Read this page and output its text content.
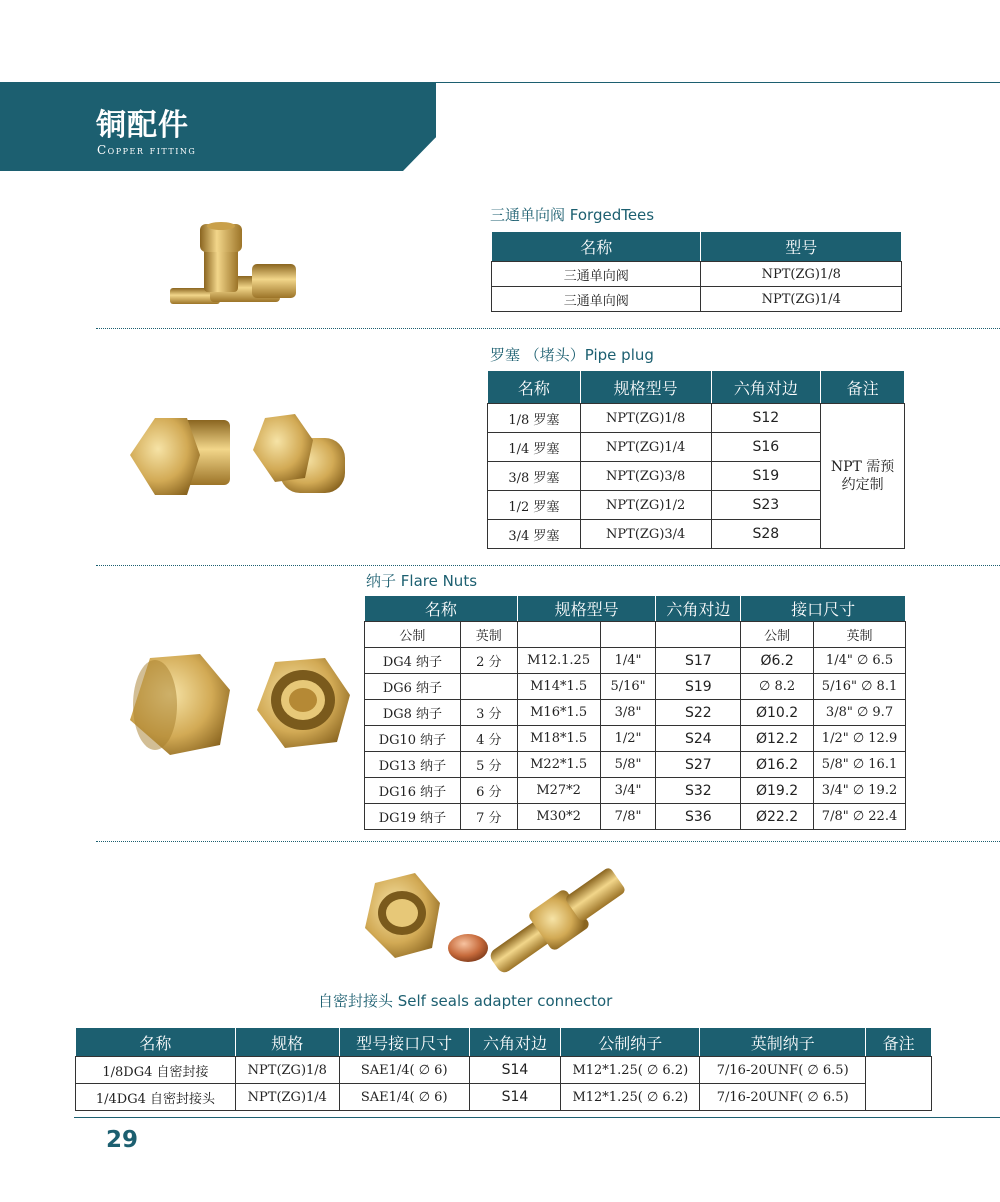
铜配件
Copper fitting
三通单向阀 ForgedTees
名称	型号
三通单向阀	NPT(ZG)1/8
三通单向阀	NPT(ZG)1/4
罗塞 （堵头）Pipe plug
名称	规格型号	六角对边	备注
1/8 罗塞	NPT(ZG)1/8	S12	NPT 需预约定制
1/4 罗塞	NPT(ZG)1/4	S16	
3/8 罗塞	NPT(ZG)3/8	S19	
1/2 罗塞	NPT(ZG)1/2	S23	
3/4 罗塞	NPT(ZG)3/4	S28	
纳子 Flare Nuts
名称		规格型号		六角对边	接口尺寸	
公制	英制				公制	英制
DG4 纳子	2 分	M12.1.25	1/4"	S17	Ø6.2	1/4" ∅ 6.5
DG6 纳子		M14*1.5	5/16"	S19	∅ 8.2	5/16" ∅ 8.1
DG8 纳子	3 分	M16*1.5	3/8"	S22	Ø10.2	3/8" ∅ 9.7
DG10 纳子	4 分	M18*1.5	1/2"	S24	Ø12.2	1/2" ∅ 12.9
DG13 纳子	5 分	M22*1.5	5/8"	S27	Ø16.2	5/8" ∅ 16.1
DG16 纳子	6 分	M27*2	3/4"	S32	Ø19.2	3/4" ∅ 19.2
DG19 纳子	7 分	M30*2	7/8"	S36	Ø22.2	7/8" ∅ 22.4
自密封接头 Self seals adapter connector
名称	规格	型号接口尺寸	六角对边	公制纳子	英制纳子	备注
1/8DG4 自密封接	NPT(ZG)1/8	SAE1/4( ∅ 6)	S14	M12*1.25( ∅ 6.2)	7/16-20UNF( ∅ 6.5)	
1/4DG4 自密封接头	NPT(ZG)1/4	SAE1/4( ∅ 6)	S14	M12*1.25( ∅ 6.2)	7/16-20UNF( ∅ 6.5)	
29
